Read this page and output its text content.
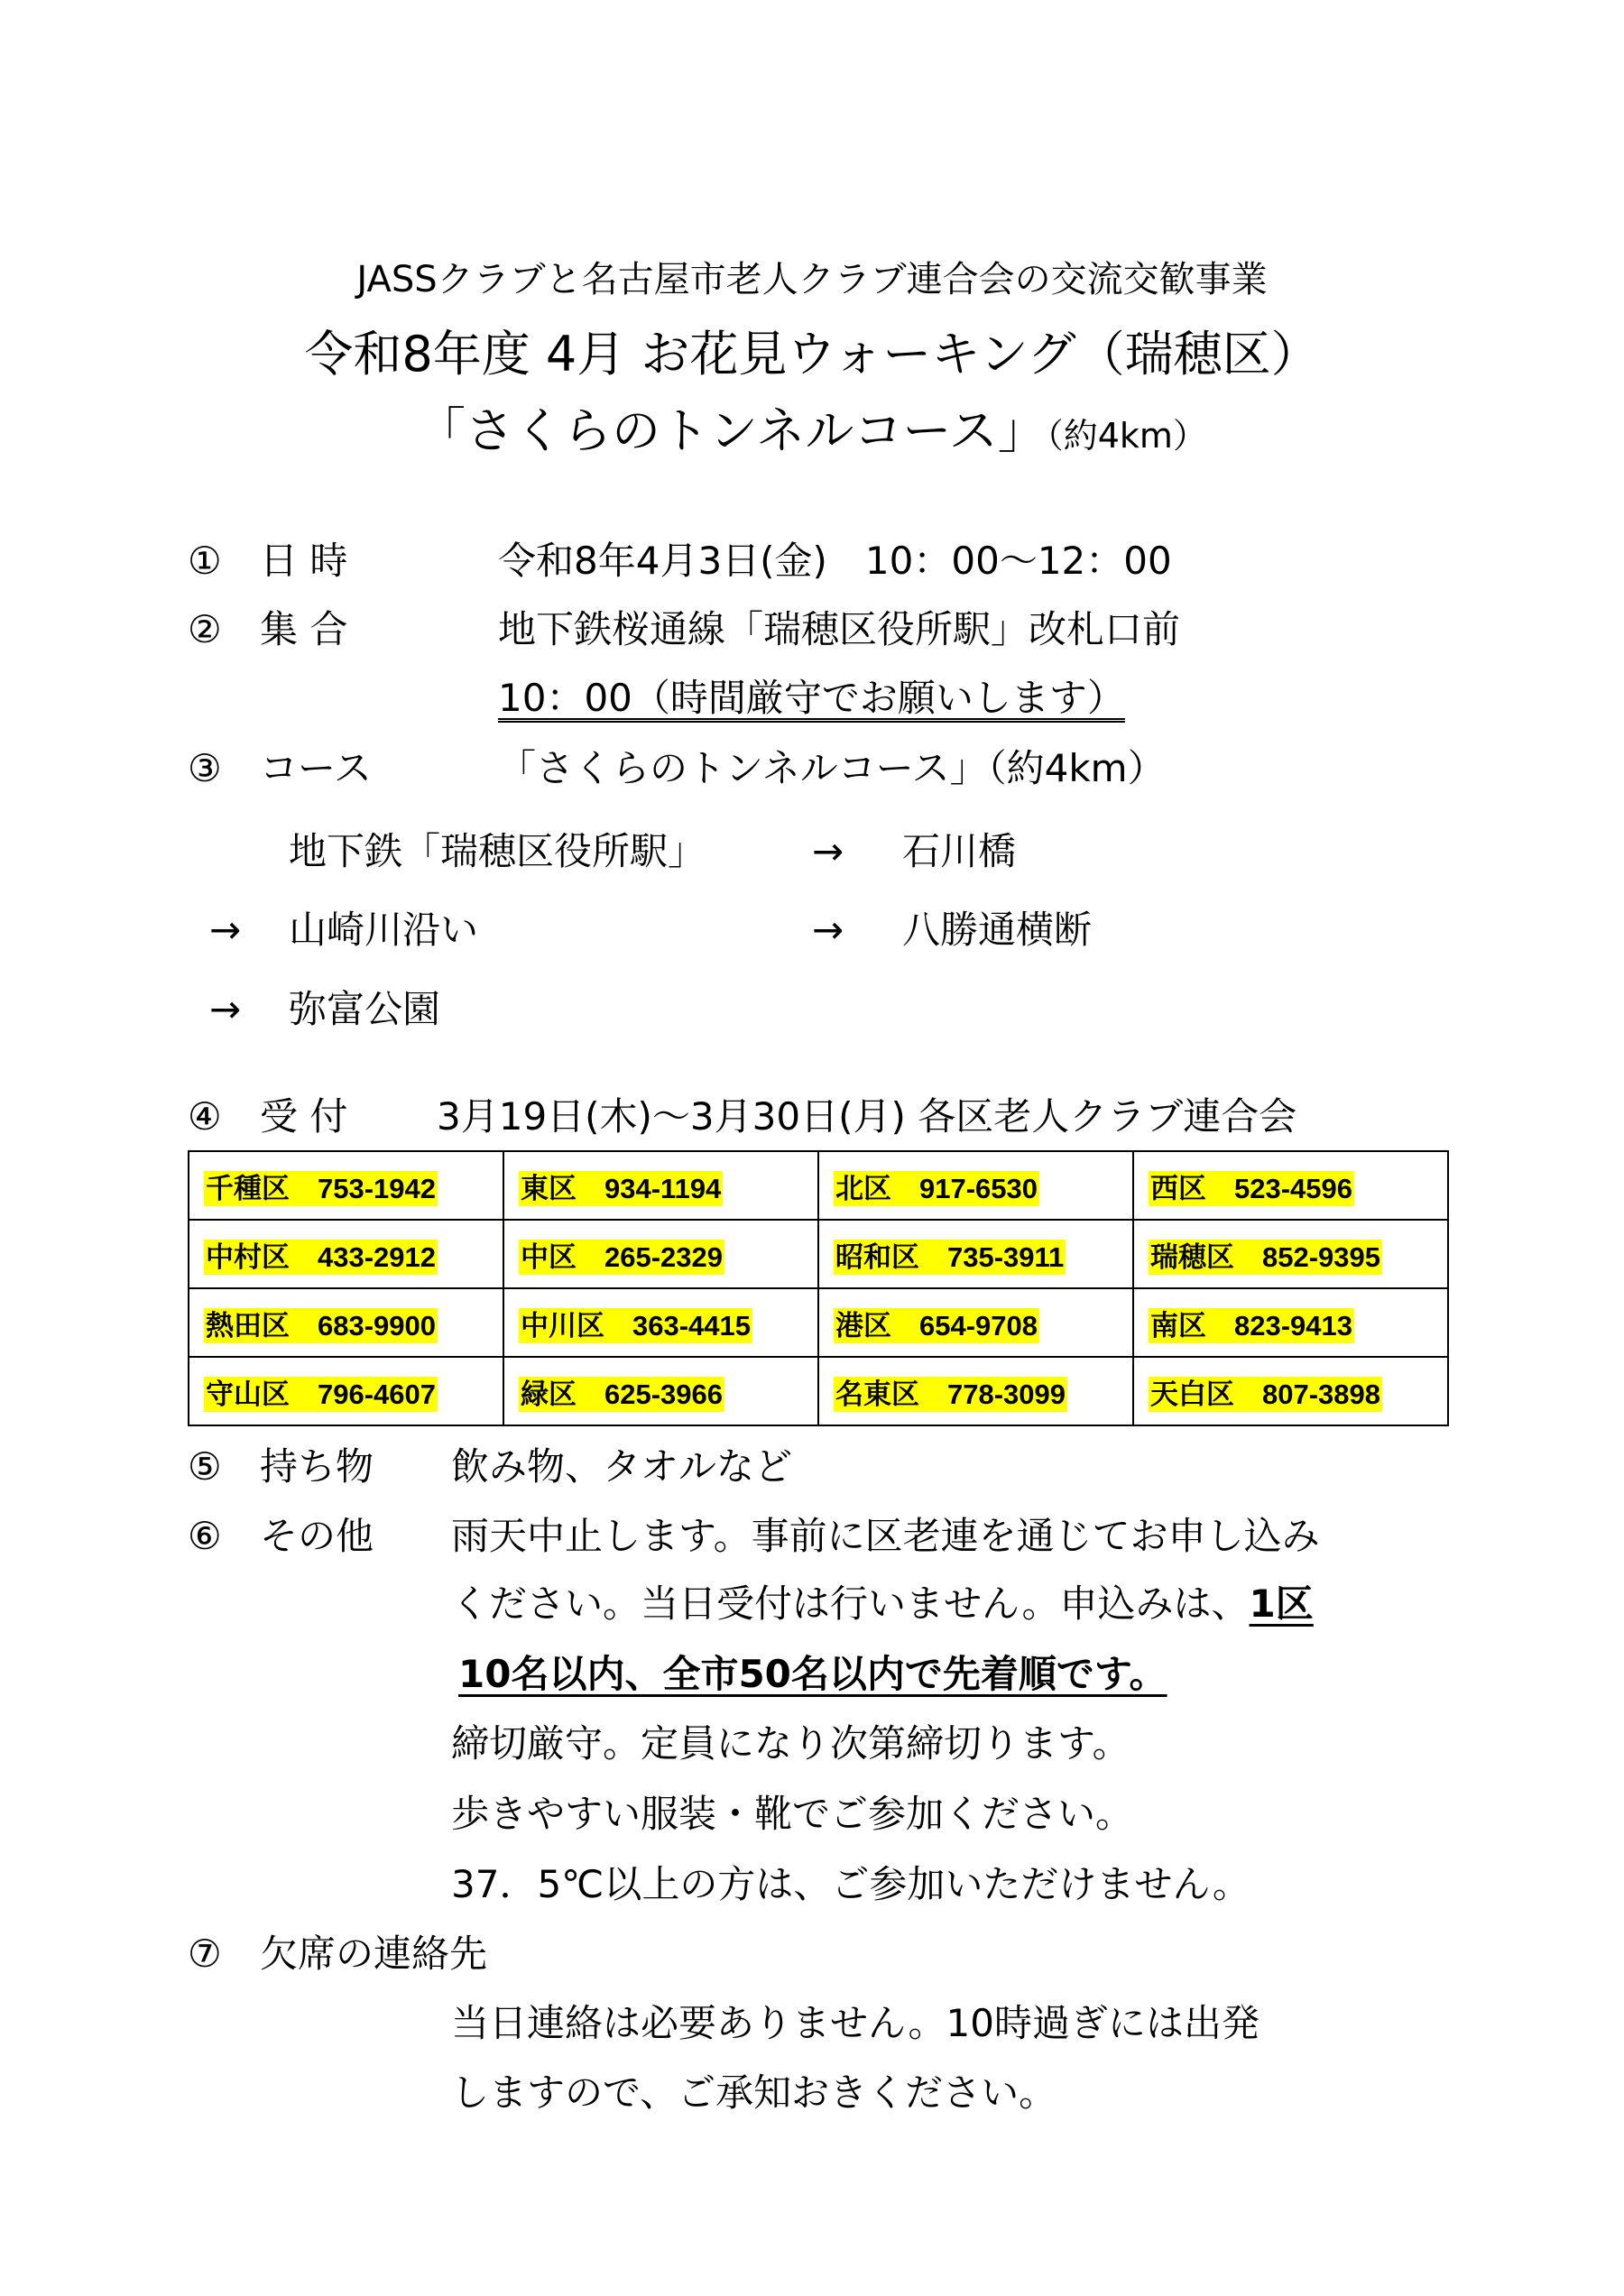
JASSクラブと名古屋市老人クラブ連合会の交流交歓事業
令和8年度 4月 お花見ウォーキング（瑞穂区）
「さくらのトンネルコース」（約4km）
① 日 時	令和8年4月3日(金)　10：00～12：00
② 集 合	地下鉄桜通線「瑞穂区役所駅」改札口前
10：00（時間厳守でお願いします）
③ コース	「さくらのトンネルコース」（約4km）
地下鉄「瑞穂区役所駅」	→ 石川橋
→ 山崎川沿い	→ 八勝通横断
→ 弥富公園
④ 受 付 3月19日(木)～3月30日(月) 各区老人クラブ連合会
千種区　753-1942	東区　934-1194	北区　917-6530	西区　523-4596
中村区　433-2912	中区　265-2329	昭和区　735-3911	瑞穂区　852-9395
熱田区　683-9900	中川区　363-4415	港区　654-9708	南区　823-9413
守山区　796-4607	緑区　625-3966	名東区　778-3099	天白区　807-3898
⑤ 持ち物 飲み物、タオルなど
⑥ その他 雨天中止します。事前に区老連を通じてお申し込み
ください。当日受付は行いません。申込みは、1区
10名以内、全市50名以内で先着順です。
締切厳守。定員になり次第締切ります。
歩きやすい服装・靴でご参加ください。
37．5℃以上の方は、ご参加いただけません。
⑦ 欠席の連絡先
当日連絡は必要ありません。10時過ぎには出発
しますので、ご承知おきください。
